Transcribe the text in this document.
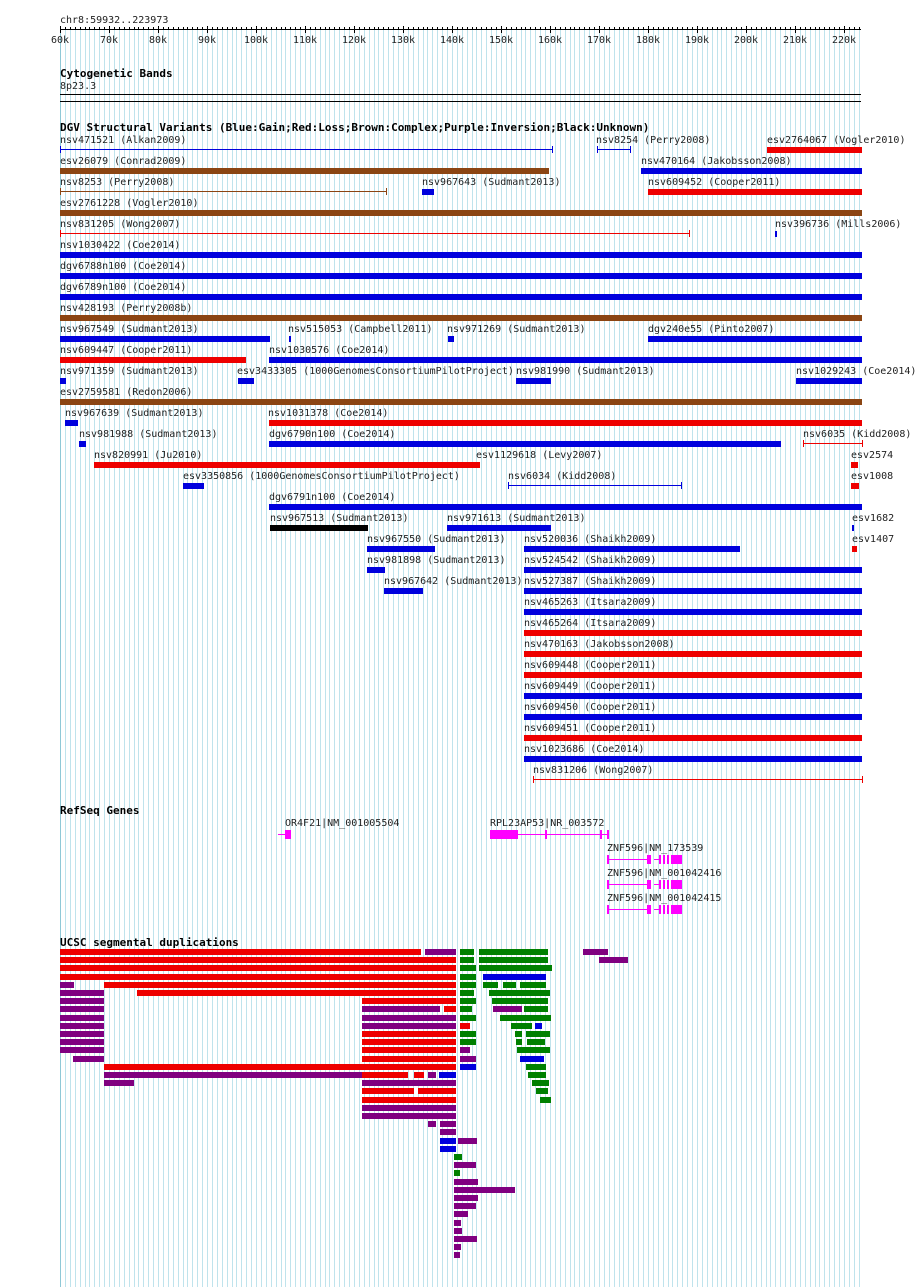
chr8:59932..223973
60k	70k	80k	90k	100k 110k 120k 130k 140k 150k 160k 170k 180k 190k 200k 210k 220k
Cytogenetic Bands
8p23.3
DGV Structural Variants (Blue:Gain;Red:Loss;Brown:Complex;Purple:Inversion;Black:Unknown)
nsv471521 (Alkan2009)	nsv8254 (Perry2008)	esv2764067 (Vogler2010)
esv26079 (Conrad2009)	nsv470164 (Jakobsson2008)
nsv8253 (Perry2008)	nsv967643 (Sudmant2013)	nsv609452 (Cooper2011)
esv2761228 (Vogler2010)
nsv831205 (Wong2007)	nsv396736 (Mills2006)
nsv1030422 (Coe2014)
dgv6788n100 (Coe2014)
dgv6789n100 (Coe2014)
nsv428193 (Perry2008b)
nsv967549 (Sudmant2013)	nsv515053 (Campbell2011) nsv971269 (Sudmant2013)	dgv240e55 (Pinto2007)
nsv609447 (Cooper2011)	nsv1030576 (Coe2014)
nsv971359 (Sudmant2013)	esv3433305 (1000GenomesConsortiumPilotProject) nsv981990 (Sudmant2013)	nsv1029243 (Coe2014)
esv2759581 (Redon2006)
nsv967639 (Sudmant2013)	nsv1031378 (Coe2014)
nsv981988 (Sudmant2013)	dgv6790n100 (Coe2014)	nsv6035 (Kidd2008)
nsv820991 (Ju2010)	esv1129618 (Levy2007)	esv2574
esv3350856 (1000GenomesConsortiumPilotProject)	nsv6034 (Kidd2008)	esv1008
dgv6791n100 (Coe2014)
nsv967513 (Sudmant2013)	nsv971613 (Sudmant2013)	esv1682
nsv967550 (Sudmant2013) nsv520036 (Shaikh2009)	esv1407
nsv981898 (Sudmant2013) nsv524542 (Shaikh2009)
nsv967642 (Sudmant2013) nsv527387 (Shaikh2009)
nsv465263 (Itsara2009)
nsv465264 (Itsara2009)
nsv470163 (Jakobsson2008)
nsv609448 (Cooper2011)
nsv609449 (Cooper2011)
nsv609450 (Cooper2011)
nsv609451 (Cooper2011)
nsv1023686 (Coe2014)
nsv831206 (Wong2007)
RefSeq Genes
OR4F21|NM_001005504	RPL23AP53|NR_003572
ZNF596|NM_173539
ZNF596|NM_001042416
ZNF596|NM_001042415
UCSC segmental duplications
